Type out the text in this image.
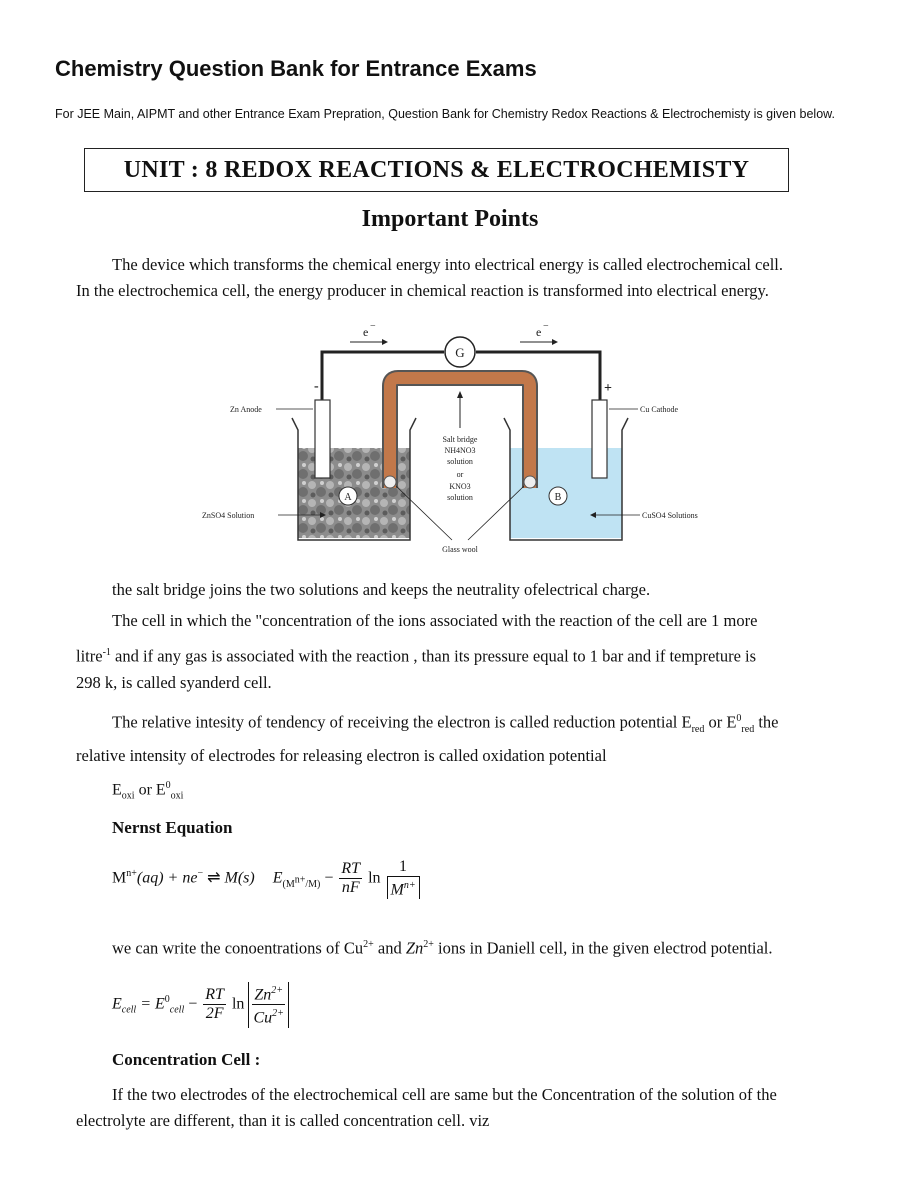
Chemistry Question Bank for Entrance Exams
For JEE Main, AIPMT and other Entrance Exam Prepration, Question Bank for Chemistry Redox Reactions & Electrochemisty is given below.
UNIT : 8 REDOX REACTIONS & ELECTROCHEMISTY
Important Points
The device which transforms the chemical energy into electrical energy is called electrochemical cell.
In the electrochemica cell, the energy producer in chemical reaction is transformed into electrical energy.
G
e −	e −
-	+
Salt bridge
NH4NO3
solution
or
KNO3
solution
A	B
Zn Anode	Cu Cathode
ZnSO4 Solution	CuSO4 Solutions
Glass wool
the salt bridge joins the two solutions and keeps the neutrality ofelectrical charge.
The cell in which the "concentration of the ions associated with the reaction of the cell are 1 more
litre$^{-1}$ and if any gas is associated with the reaction , than its pressure equal to 1 bar and if tempreture is
298 k, is called syanderd cell.
The relative intesity of tendency of receiving the electron is called reduction potential $E_{red}$ or $E^0_{red}$ the
relative intensity of electrodes for releasing electron is called oxidation potential
$E_{oxi}$ or $E^0_{oxi}$
Nernst Equation
$M^{n+}(aq) + ne^-$ ⇌ M(s) $E_{(M^{n+}/M)} - \frac{RT}{nF}$ $\ln \frac{1}{M^{n+}}$
we can write the conoentrations of $Cu^{2+}$ and $Zn^{2+}$ ions in Daniell cell, in the given electrod potential.
$E_{cell} = E^0_{cell} - \frac{RT}{2F}$ $\ln \frac{Zn^{2+}}{Cu^{2+}}$
Concentration Cell :
If the two electrodes of the electrochemical cell are same but the Concentration of the solution of the
electrolyte are different, than it is called concentration cell. viz
